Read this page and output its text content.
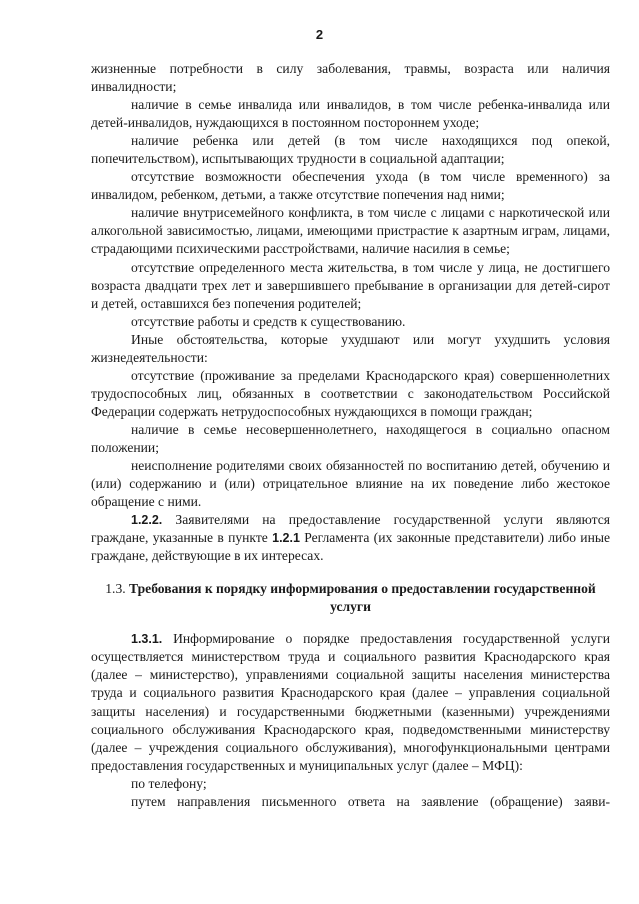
2

жизненные потребности в силу заболевания, травмы, возраста или наличия инвалидности;

наличие в семье инвалида или инвалидов, в том числе ребенка-инвалида или детей-инвалидов, нуждающихся в постоянном постороннем уходе;

наличие ребенка или детей (в том числе находящихся под опекой, попечительством), испытывающих трудности в социальной адаптации;

отсутствие возможности обеспечения ухода (в том числе временного) за инвалидом, ребенком, детьми, а также отсутствие попечения над ними;

наличие внутрисемейного конфликта, в том числе с лицами с наркотической или алкогольной зависимостью, лицами, имеющими пристрастие к азартным играм, лицами, страдающими психическими расстройствами, наличие насилия в семье;

отсутствие определенного места жительства, в том числе у лица, не достигшего возраста двадцати трех лет и завершившего пребывание в организации для детей-сирот и детей, оставшихся без попечения родителей;

отсутствие работы и средств к существованию.

Иные обстоятельства, которые ухудшают или могут ухудшить условия жизнедеятельности:

отсутствие (проживание за пределами Краснодарского края) совершеннолетних трудоспособных лиц, обязанных в соответствии с законодательством Российской Федерации содержать нетрудоспособных нуждающихся в помощи граждан;

наличие в семье несовершеннолетнего, находящегося в социально опасном положении;

неисполнение родителями своих обязанностей по воспитанию детей, обучению и (или) содержанию и (или) отрицательное влияние на их поведение либо жестокое обращение с ними.

1.2.2. Заявителями на предоставление государственной услуги являются граждане, указанные в пункте 1.2.1 Регламента (их законные представители) либо иные граждане, действующие в их интересах.

1.3. Требования к порядку информирования о предоставлении государственной услуги

1.3.1. Информирование о порядке предоставления государственной услуги осуществляется министерством труда и социального развития Краснодарского края (далее – министерство), управлениями социальной защиты населения министерства труда и социального развития Краснодарского края (далее – управления социальной защиты населения) и государственными бюджетными (казенными) учреждениями социального обслуживания Краснодарского края, подведомственными министерству (далее – учреждения социального обслуживания), многофункциональными центрами предоставления государственных и муниципальных услуг (далее – МФЦ):

по телефону;

путем направления письменного ответа на заявление (обращение) заяви-
